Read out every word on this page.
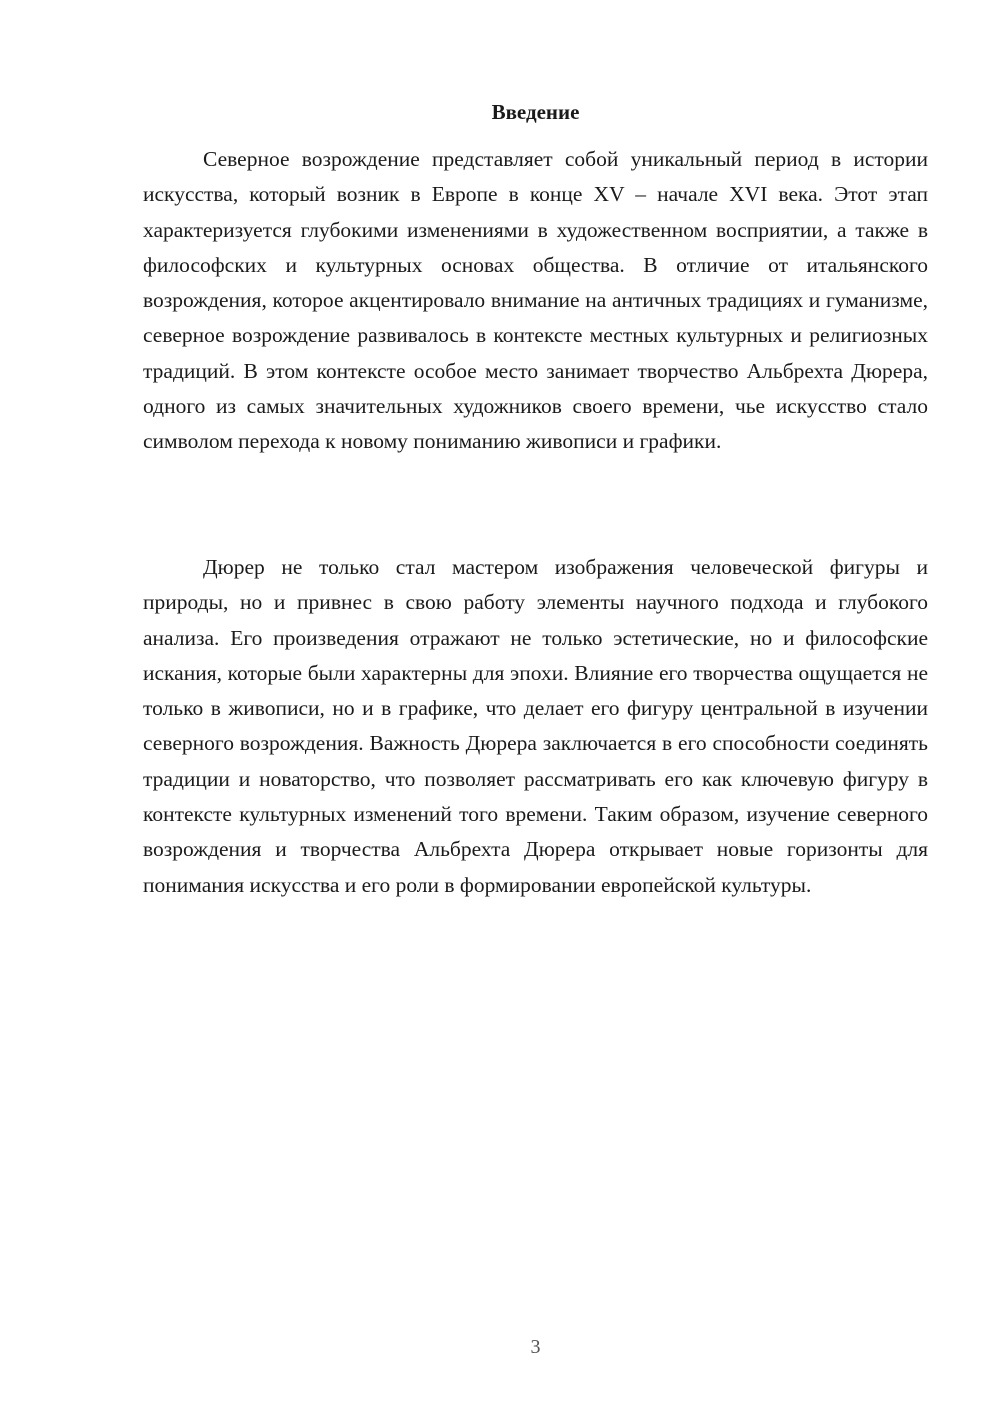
Введение

Северное возрождение представляет собой уникальный период в истории искусства, который возник в Европе в конце XV – начале XVI века. Этот этап характеризуется глубокими изменениями в художественном восприятии, а также в философских и культурных основах общества. В отличие от итальянского возрождения, которое акцентировало внимание на античных традициях и гуманизме, северное возрождение развивалось в контексте местных культурных и религиозных традиций. В этом контексте особое место занимает творчество Альбрехта Дюрера, одного из самых значительных художников своего времени, чье искусство стало символом перехода к новому пониманию живописи и графики.

Дюрер не только стал мастером изображения человеческой фигуры и природы, но и привнес в свою работу элементы научного подхода и глубокого анализа. Его произведения отражают не только эстетические, но и философские искания, которые были характерны для эпохи. Влияние его творчества ощущается не только в живописи, но и в графике, что делает его фигуру центральной в изучении северного возрождения. Важность Дюрера заключается в его способности соединять традиции и новаторство, что позволяет рассматривать его как ключевую фигуру в контексте культурных изменений того времени. Таким образом, изучение северного возрождения и творчества Альбрехта Дюрера открывает новые горизонты для понимания искусства и его роли в формировании европейской культуры.

3
